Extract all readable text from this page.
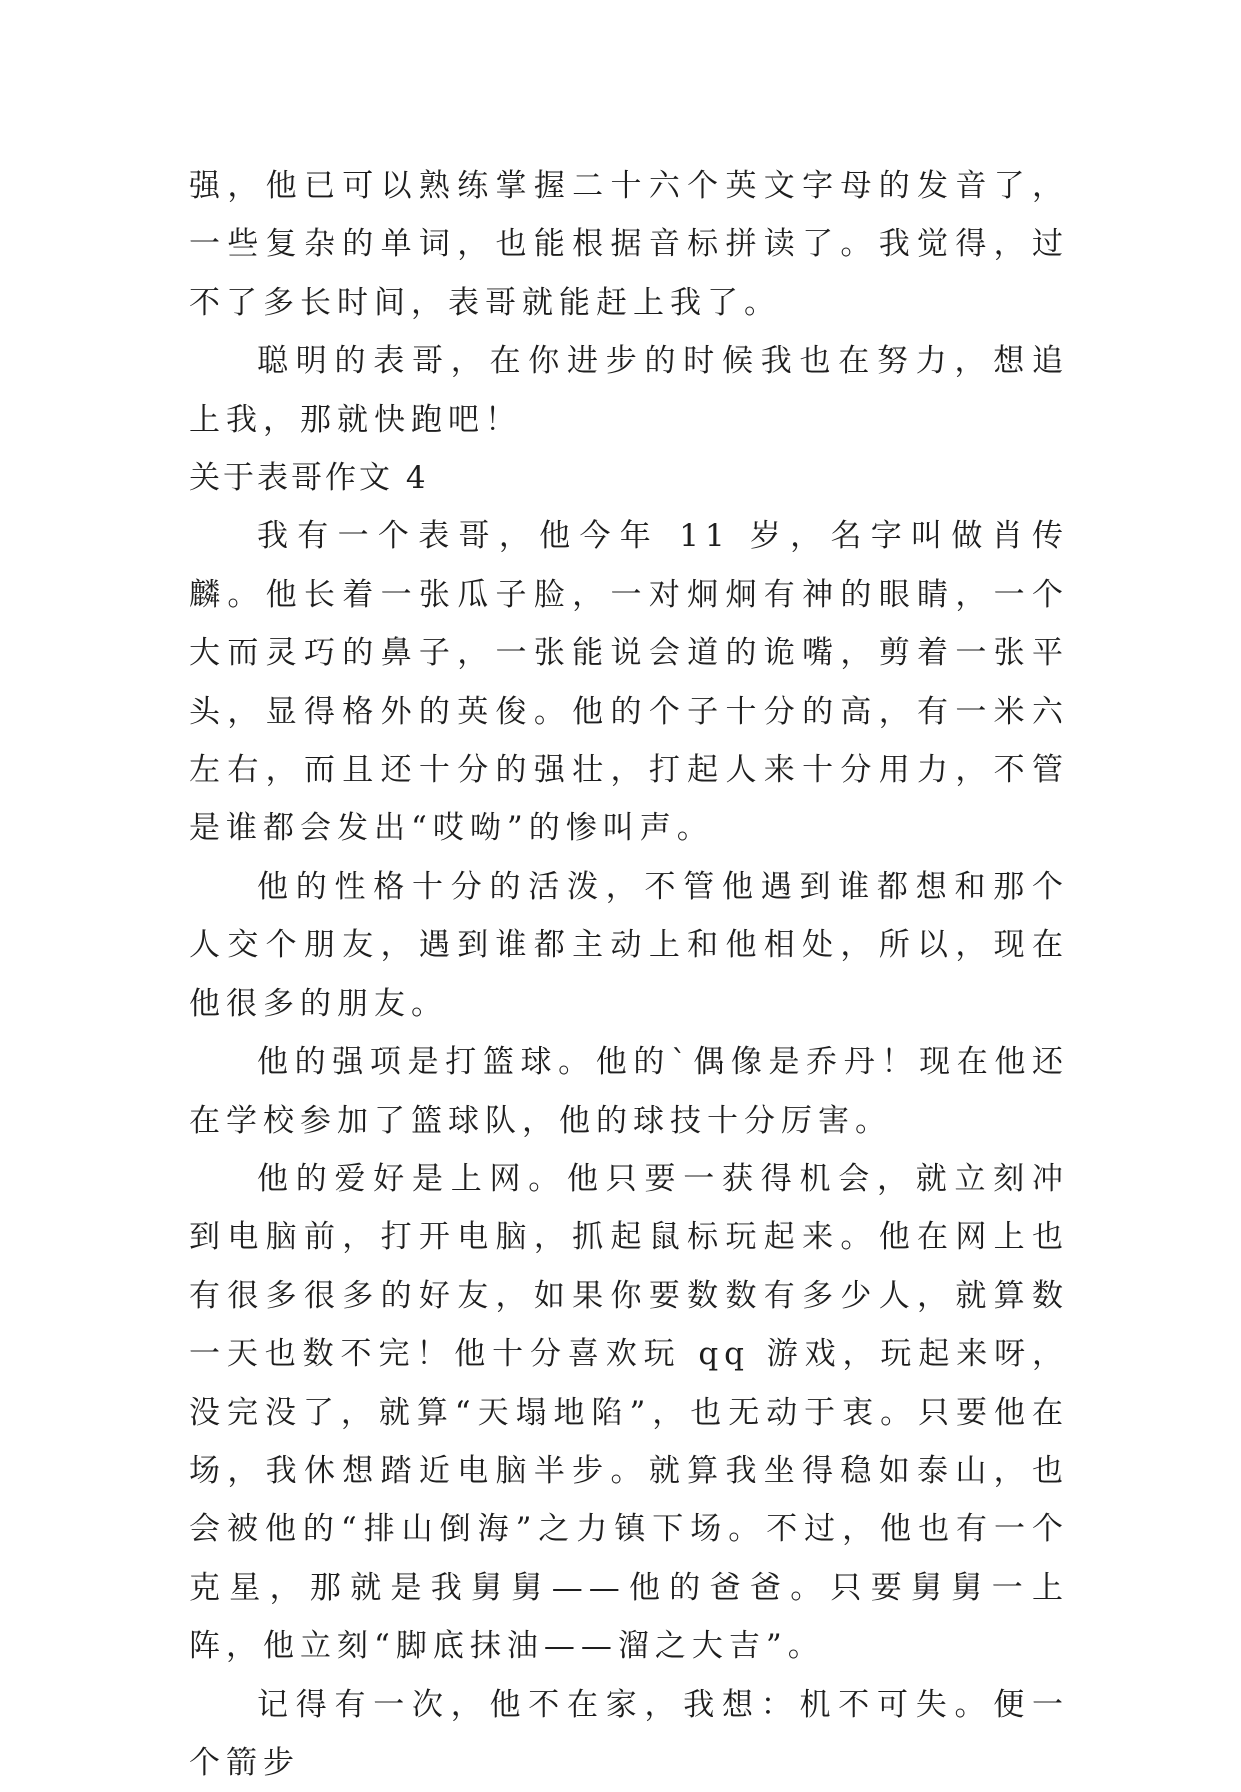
强，他已可以熟练掌握二十六个英文字母的发音了，一些复杂的单词，也能根据音标拼读了。我觉得，过不了多长时间，表哥就能赶上我了。

聪明的表哥，在你进步的时候我也在努力，想追上我，那就快跑吧！

关于表哥作文 4

我有一个表哥，他今年 11 岁，名字叫做肖传麟。他长着一张瓜子脸，一对炯炯有神的眼睛，一个大而灵巧的鼻子，一张能说会道的诡嘴，剪着一张平头，显得格外的英俊。他的个子十分的高，有一米六左右，而且还十分的强壮，打起人来十分用力，不管是谁都会发出“哎呦”的惨叫声。

他的性格十分的活泼，不管他遇到谁都想和那个人交个朋友，遇到谁都主动上和他相处，所以，现在他很多的朋友。

他的强项是打篮球。他的`偶像是乔丹！现在他还在学校参加了篮球队，他的球技十分厉害。

他的爱好是上网。他只要一获得机会，就立刻冲到电脑前，打开电脑，抓起鼠标玩起来。他在网上也有很多很多的好友，如果你要数数有多少人，就算数一天也数不完！他十分喜欢玩 qq 游戏，玩起来呀，没完没了，就算“天塌地陷”，也无动于衷。只要他在场，我休想踏近电脑半步。就算我坐得稳如泰山，也会被他的“排山倒海”之力镇下场。不过，他也有一个克星，那就是我舅舅——他的爸爸。只要舅舅一上阵，他立刻“脚底抹油——溜之大吉”。

记得有一次，他不在家，我想：机不可失。便一个箭步
